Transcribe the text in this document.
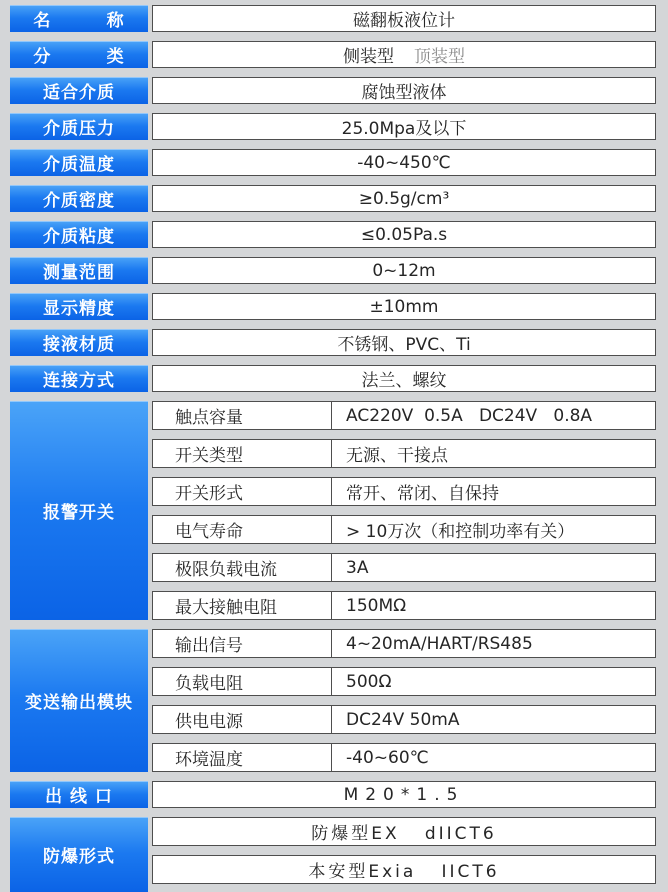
名        称	磁翻板液位计
分        类	侧装型 顶装型
适合介质	腐蚀型液体
介质压力	25.0Mpa及以下
介质温度	-40~450℃
介质密度	≥0.5g/cm³
介质粘度	≤0.05Pa.s
测量范围	0~12m
显示精度	±10mm
接液材质	不锈钢、PVC、Ti
连接方式	法兰、螺纹
报警开关
触点容量	AC220V  0.5A   DC24V   0.8A
开关类型	无源、干接点
开关形式	常开、常闭、自保持
电气寿命	> 10万次（和控制功率有关）
极限负载电流	3A
最大接触电阻	150MΩ
变送输出模块
输出信号	4~20mA/HART/RS485
负载电阻	500Ω
供电电源	DC24V 50mA
环境温度	-40~60℃
出 线 口	M20*1.5
防爆形式
防爆型EX   dIICT6
本安型Exia   IICT6
